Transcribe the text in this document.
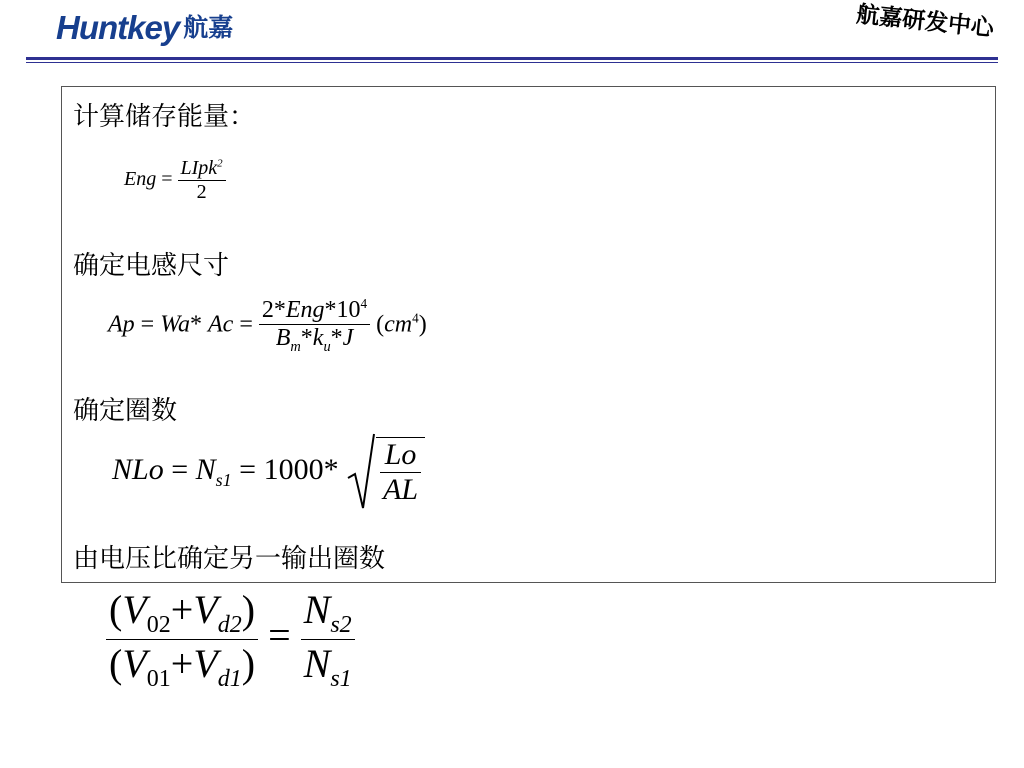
Huntkey 航嘉	航嘉研发中心
计算储存能量：
Eng = $\frac{LIpk^2}{2}$
确定电感尺寸
Ap = Wa* $Ac = \frac{2*Eng*10^4}{B_m*k_u*J} (cm^4)$
确定圈数
NLo = $N_{s1} = 1000* \frac{Lo}{AL}$
由电压比确定另一输出圈数
$\frac{(V_{02}+V_{d2})}{(V_{01}+V_{d1})} = \frac{N_{s2}}{N_{s1}}$
